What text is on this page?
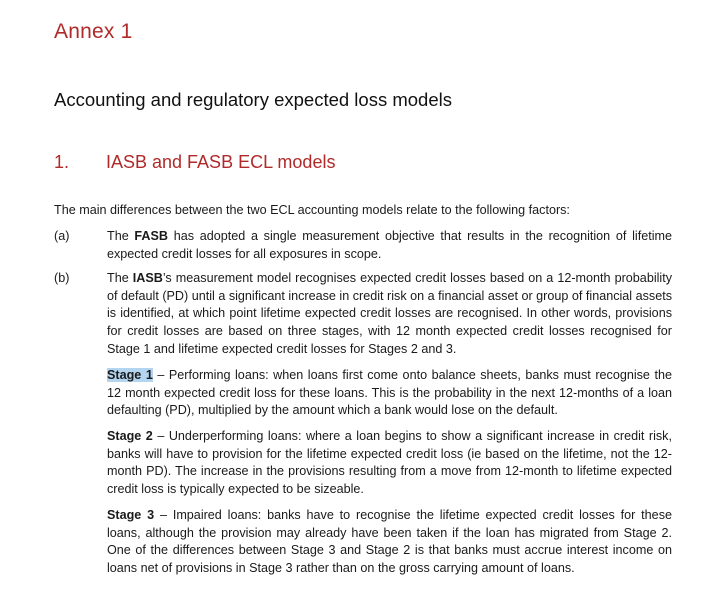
Annex 1
Accounting and regulatory expected loss models
1. IASB and FASB ECL models
The main differences between the two ECL accounting models relate to the following factors:
(a)	The FASB has adopted a single measurement objective that results in the recognition of lifetime expected credit losses for all exposures in scope.
(b)	The IASB’s measurement model recognises expected credit losses based on a 12-month probability of default (PD) until a significant increase in credit risk on a financial asset or group of financial assets is identified, at which point lifetime expected credit losses are recognised. In other words, provisions for credit losses are based on three stages, with 12 month expected credit losses recognised for Stage 1 and lifetime expected credit losses for Stages 2 and 3.
Stage 1 – Performing loans: when loans first come onto balance sheets, banks must recognise the 12 month expected credit loss for these loans. This is the probability in the next 12-months of a loan defaulting (PD), multiplied by the amount which a bank would lose on the default.
Stage 2 – Underperforming loans: where a loan begins to show a significant increase in credit risk, banks will have to provision for the lifetime expected credit loss (ie based on the lifetime, not the 12-month PD). The increase in the provisions resulting from a move from 12-month to lifetime expected credit loss is typically expected to be sizeable.
Stage 3 – Impaired loans: banks have to recognise the lifetime expected credit losses for these loans, although the provision may already have been taken if the loan has migrated from Stage 2. One of the differences between Stage 3 and Stage 2 is that banks must accrue interest income on loans net of provisions in Stage 3 rather than on the gross carrying amount of loans.
